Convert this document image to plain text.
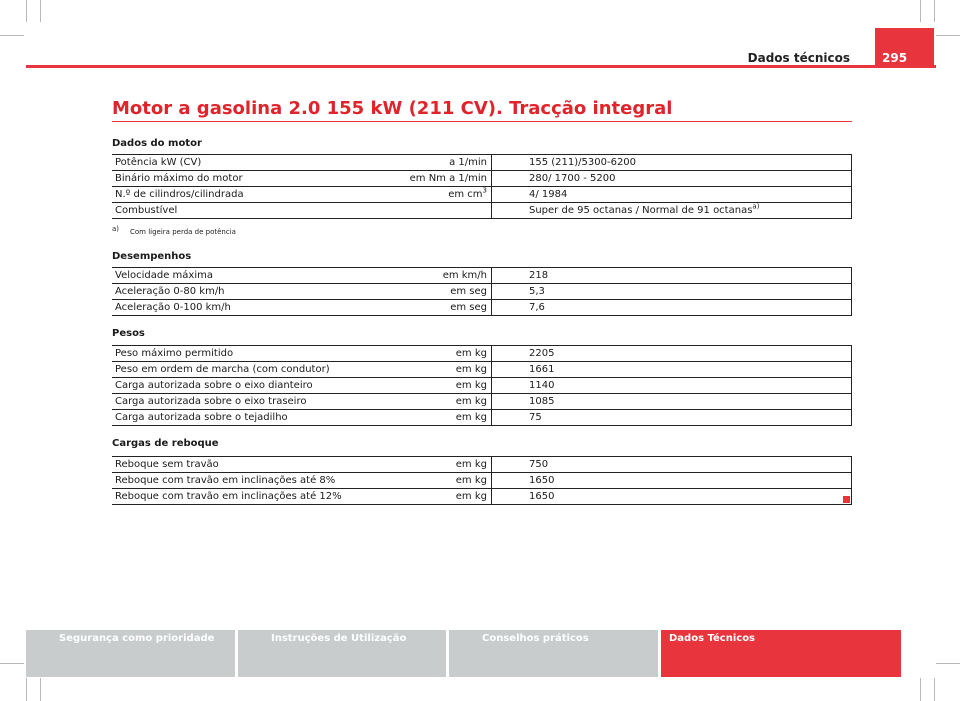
Dados técnicos	295
Motor a gasolina 2.0 155 kW (211 CV). Tracção integral
Dados do motor
Potência kW (CV)	a 1/min	155 (211)/5300-6200
Binário máximo do motor	em Nm a 1/min	280/ 1700 - 5200
N.º de cilindros/cilindrada	em $cm^3$	4/ 1984
Combustível		Super de 95 octanas / Normal de 91 octanas$^{a)}$
$^{a)}$ Com ligeira perda de potência
Desempenhos
Velocidade máxima	em km/h	218
Aceleração 0-80 km/h	em seg	5,3
Aceleração 0-100 km/h	em seg	7,6
Pesos
Peso máximo permitido	em kg	2205
Peso em ordem de marcha (com condutor)	em kg	1661
Carga autorizada sobre o eixo dianteiro	em kg	1140
Carga autorizada sobre o eixo traseiro	em kg	1085
Carga autorizada sobre o tejadilho	em kg	75
Cargas de reboque
Reboque sem travão	em kg	750
Reboque com travão em inclinações até 8%	em kg	1650
Reboque com travão em inclinações até 12%	em kg	1650
Segurança como prioridade	Instruções de Utilização	Conselhos práticos	Dados Técnicos
